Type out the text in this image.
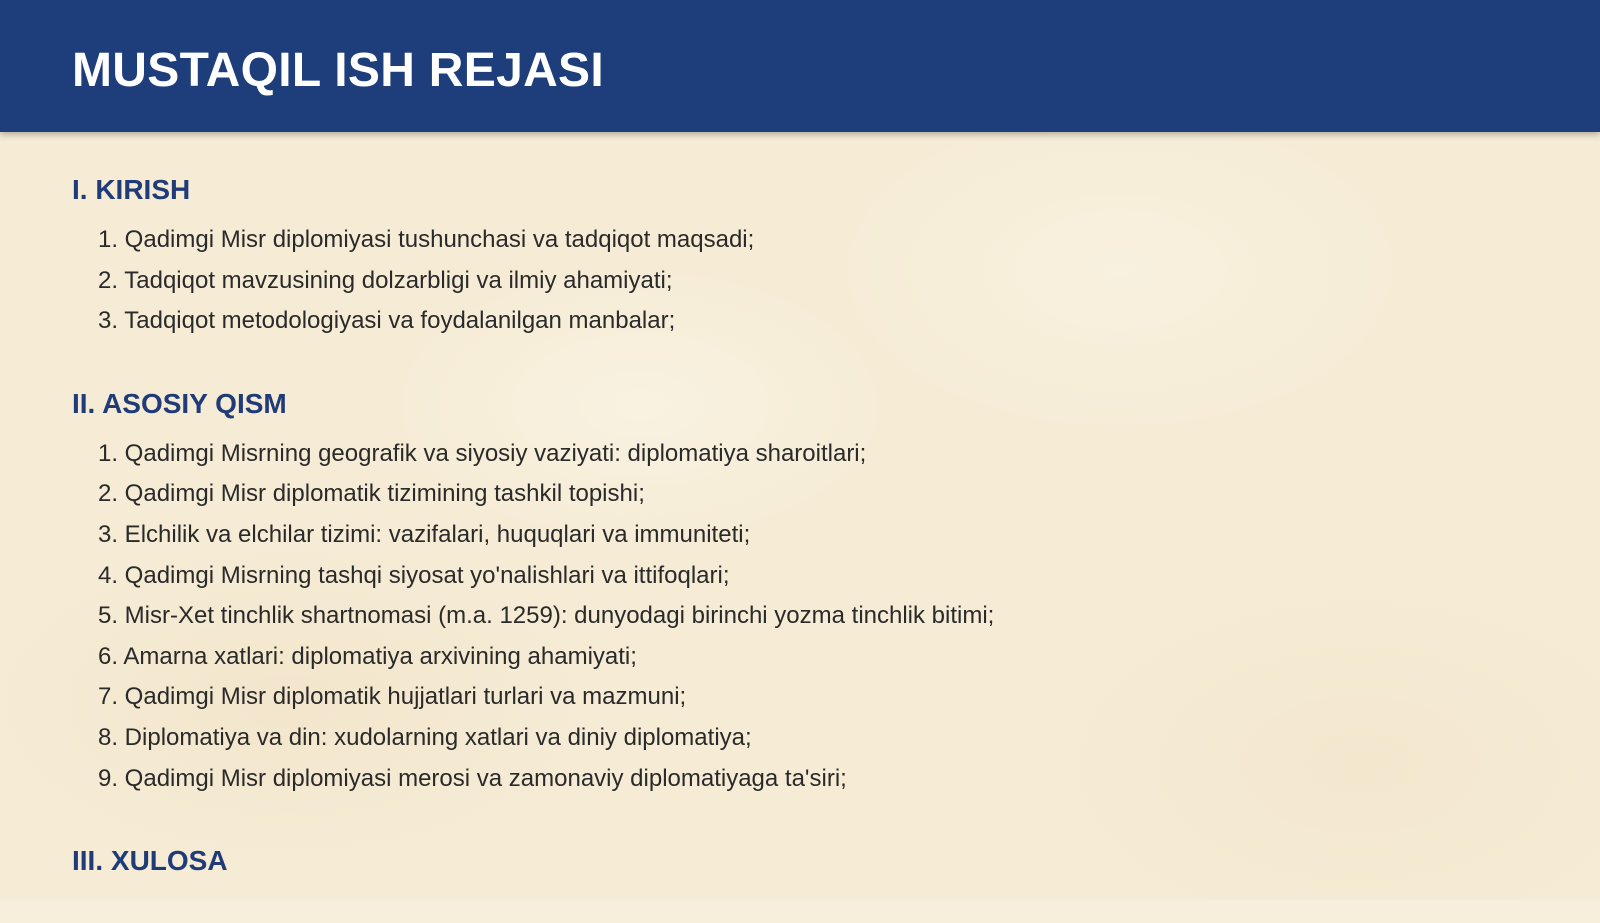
MUSTAQIL ISH REJASI
I. KIRISH
1. Qadimgi Misr diplomiyasi tushunchasi va tadqiqot maqsadi;
2. Tadqiqot mavzusining dolzarbligi va ilmiy ahamiyati;
3. Tadqiqot metodologiyasi va foydalanilgan manbalar;
II. ASOSIY QISM
1. Qadimgi Misrning geografik va siyosiy vaziyati: diplomatiya sharoitlari;
2. Qadimgi Misr diplomatik tizimining tashkil topishi;
3. Elchilik va elchilar tizimi: vazifalari, huquqlari va immuniteti;
4. Qadimgi Misrning tashqi siyosat yo'nalishlari va ittifoqlari;
5. Misr-Xet tinchlik shartnomasi (m.a. 1259): dunyodagi birinchi yozma tinchlik bitimi;
6. Amarna xatlari: diplomatiya arxivining ahamiyati;
7. Qadimgi Misr diplomatik hujjatlari turlari va mazmuni;
8. Diplomatiya va din: xudolarning xatlari va diniy diplomatiya;
9. Qadimgi Misr diplomiyasi merosi va zamonaviy diplomatiyaga ta'siri;
III. XULOSA
